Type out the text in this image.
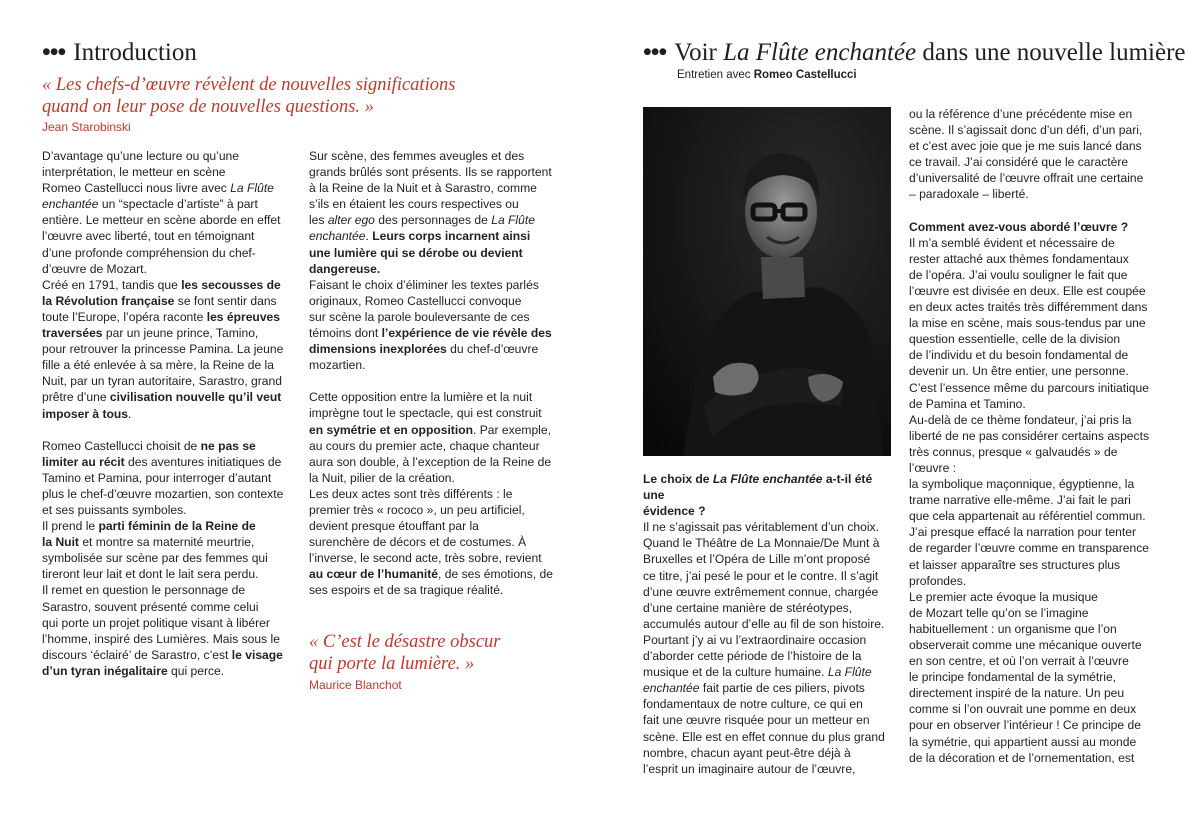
••• Introduction
« Les chefs-d’œuvre révèlent de nouvelles significations
quand on leur pose de nouvelles questions. »
Jean Starobinski

D’avantage qu’une lecture ou qu’une

interprétation, le metteur en scène

Romeo Castellucci nous livre avec La Flûte

enchantée un “spectacle d’artiste” à part

entière. Le metteur en scène aborde en effet

l’œuvre avec liberté, tout en témoignant

d’une profonde compréhension du chef-

d’œuvre de Mozart.

Créé en 1791, tandis que les secousses de

la Révolution française se font sentir dans

toute l’Europe, l’opéra raconte les épreuves

traversées par un jeune prince, Tamino,

pour retrouver la princesse Pamina. La jeune

fille a été enlevée à sa mère, la Reine de la

Nuit, par un tyran autoritaire, Sarastro, grand

prêtre d’une civilisation nouvelle qu’il veut

imposer à tous.

Romeo Castellucci choisit de ne pas se

limiter au récit des aventures initiatiques de

Tamino et Pamina, pour interroger d’autant

plus le chef-d’œuvre mozartien, son contexte

et ses puissants symboles.

Il prend le parti féminin de la Reine de

la Nuit et montre sa maternité meurtrie,

symbolisée sur scène par des femmes qui

tireront leur lait et dont le lait sera perdu.

Il remet en question le personnage de

Sarastro, souvent présenté comme celui

qui porte un projet politique visant à libérer

l’homme, inspiré des Lumières. Mais sous le

discours ‘éclairé’ de Sarastro, c’est le visage

d’un tyran inégalitaire qui perce.

Sur scène, des femmes aveugles et des

grands brûlés sont présents. Ils se rapportent

à la Reine de la Nuit et à Sarastro, comme

s’ils en étaient les cours respectives ou

les alter ego des personnages de La Flûte

enchantée. Leurs corps incarnent ainsi

une lumière qui se dérobe ou devient

dangereuse.

Faisant le choix d’éliminer les textes parlés

originaux, Romeo Castellucci convoque

sur scène la parole bouleversante de ces

témoins dont l’expérience de vie révèle des

dimensions inexplorées du chef-d’œuvre

mozartien.

Cette opposition entre la lumière et la nuit

imprègne tout le spectacle, qui est construit

en symétrie et en opposition. Par exemple,

au cours du premier acte, chaque chanteur

aura son double, à l’exception de la Reine de

la Nuit, pilier de la création.

Les deux actes sont très différents : le

premier très « rococo », un peu artificiel,

devient presque étouffant par la

surenchère de décors et de costumes. À

l’inverse, le second acte, très sobre, revient

au cœur de l’humanité, de ses émotions, de

ses espoirs et de sa tragique réalité.

« C’est le désastre obscur
qui porte la lumière. »
Maurice Blanchot
••• Voir La Flûte enchantée dans une nouvelle lumière
Entretien avec Romeo Castellucci

Le choix de La Flûte enchantée a-t-il été une

évidence ?

Il ne s’agissait pas véritablement d’un choix.

Quand le Théâtre de La Monnaie/De Munt à

Bruxelles et l’Opéra de Lille m’ont proposé

ce titre, j’ai pesé le pour et le contre. Il s’agit

d’une œuvre extrêmement connue, chargée

d’une certaine manière de stéréotypes,

accumulés autour d’elle au fil de son histoire.

Pourtant j’y ai vu l’extraordinaire occasion

d’aborder cette période de l’histoire de la

musique et de la culture humaine. La Flûte

enchantée fait partie de ces piliers, pivots

fondamentaux de notre culture, ce qui en

fait une œuvre risquée pour un metteur en

scène. Elle est en effet connue du plus grand

nombre, chacun ayant peut-être déjà à

l’esprit un imaginaire autour de l’œuvre,

ou la référence d’une précédente mise en

scène. Il s’agissait donc d’un défi, d’un pari,

et c’est avec joie que je me suis lancé dans

ce travail. J’ai considéré que le caractère

d’universalité de l’œuvre offrait une certaine

– paradoxale – liberté.

Comment avez-vous abordé l’œuvre ?

Il m’a semblé évident et nécessaire de

rester attaché aux thèmes fondamentaux

de l’opéra. J’ai voulu souligner le fait que

l’œuvre est divisée en deux. Elle est coupée

en deux actes traités très différemment dans

la mise en scène, mais sous-tendus par une

question essentielle, celle de la division

de l’individu et du besoin fondamental de

devenir un. Un être entier, une personne.

C’est l’essence même du parcours initiatique

de Pamina et Tamino.

Au-delà de ce thème fondateur, j’ai pris la

liberté de ne pas considérer certains aspects

très connus, presque « galvaudés » de l’œuvre :

la symbolique maçonnique, égyptienne, la

trame narrative elle-même. J’ai fait le pari

que cela appartenait au référentiel commun.

J’ai presque effacé la narration pour tenter

de regarder l’œuvre comme en transparence

et laisser apparaître ses structures plus

profondes.

Le premier acte évoque la musique

de Mozart telle qu’on se l’imagine

habituellement : un organisme que l’on

observerait comme une mécanique ouverte

en son centre, et où l’on verrait à l’œuvre

le principe fondamental de la symétrie,

directement inspiré de la nature. Un peu

comme si l’on ouvrait une pomme en deux

pour en observer l’intérieur ! Ce principe de

la symétrie, qui appartient aussi au monde

de la décoration et de l’ornementation, est
